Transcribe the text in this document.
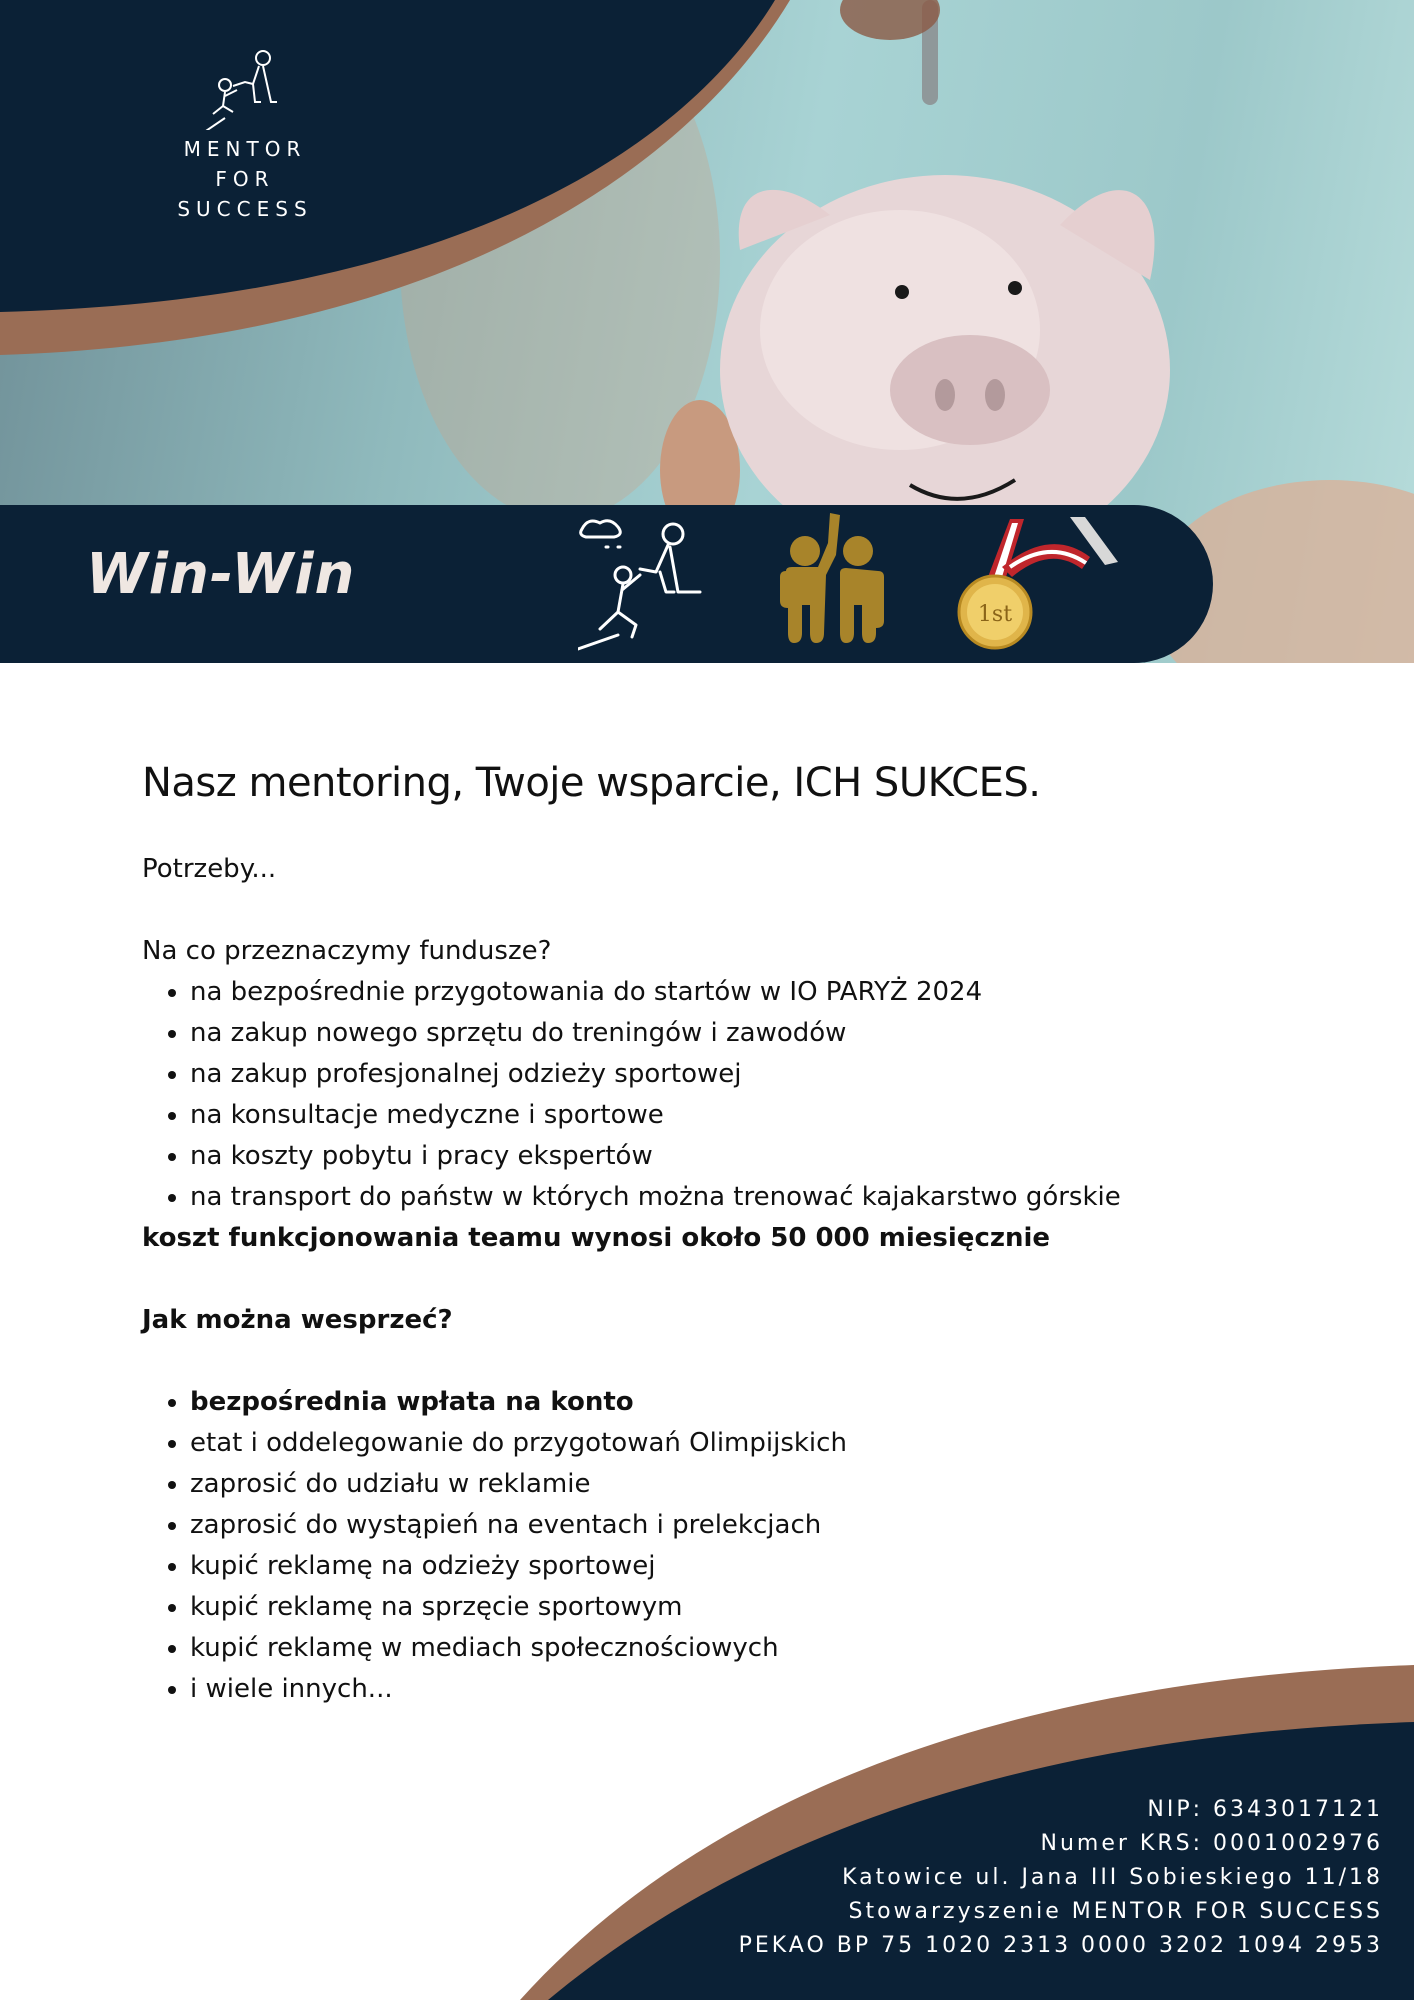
MENTOR
FOR
SUCCESS
Win-Win
1st
Nasz mentoring, Twoje wsparcie, ICH SUKCES.

Potrzeby...

Na co przeznaczymy fundusze?

• na bezpośrednie przygotowania do startów w IO PARYŻ 2024
• na zakup nowego sprzętu do treningów i zawodów
• na zakup profesjonalnej odzieży sportowej
• na konsultacje medyczne i sportowe
• na koszty pobytu i pracy ekspertów
• na transport do państw w których można trenować kajakarstwo górskie

koszt funkcjonowania teamu wynosi około 50 000 miesięcznie

Jak można wesprzeć?

• bezpośrednia wpłata na konto
• etat i oddelegowanie do przygotowań Olimpijskich
• zaprosić do udziału w reklamie
• zaprosić do wystąpień na eventach i prelekcjach
• kupić reklamę na odzieży sportowej
• kupić reklamę na sprzęcie sportowym
• kupić reklamę w mediach społecznościowych
• i wiele innych...
NIP: 6343017121
Numer KRS: 0001002976
Katowice ul. Jana III Sobieskiego 11/18
Stowarzyszenie MENTOR FOR SUCCESS
PEKAO BP 75 1020 2313 0000 3202 1094 2953
